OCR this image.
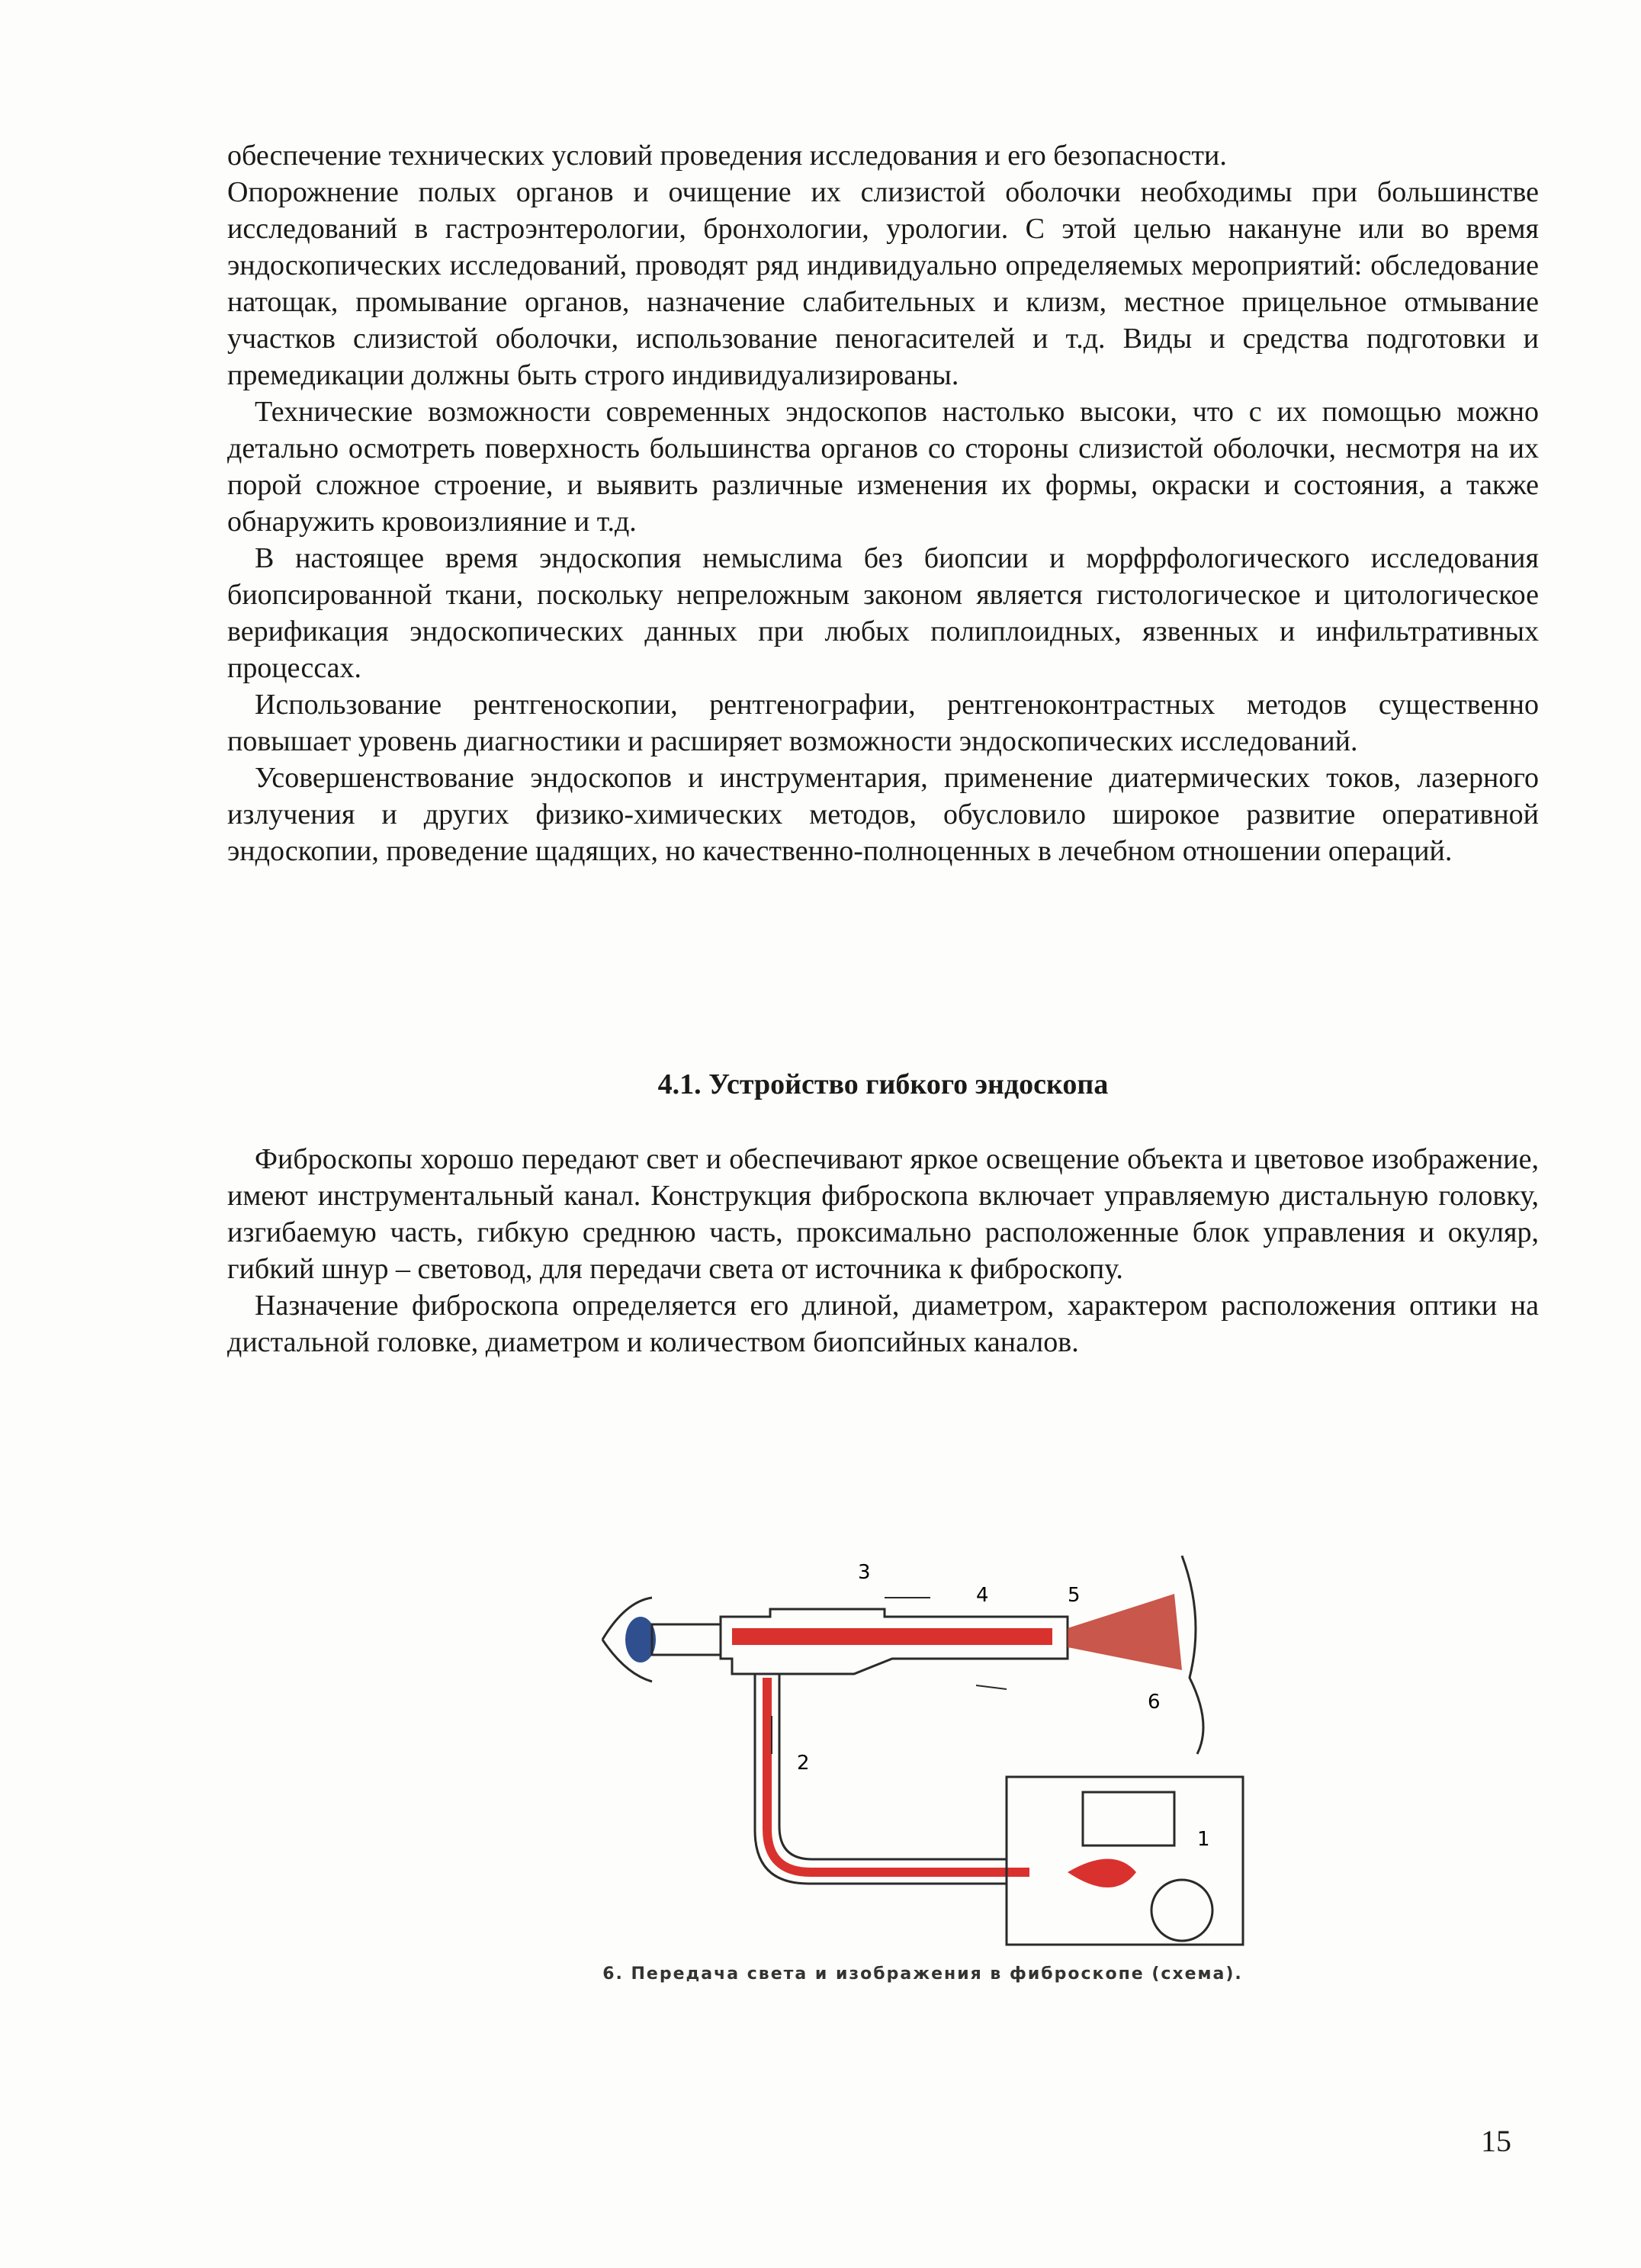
обеспечение технических условий проведения исследования и его безопасности.

Опорожнение полых органов и очищение их слизистой оболочки необходимы при большинстве исследований в гастроэнтерологии, бронхологии, урологии. С этой целью накануне или во время эндоскопических исследований, проводят ряд индивидуально определяемых мероприятий: обследование натощак, промывание органов, назначение слабительных и клизм, местное прицельное отмывание участков слизистой оболочки, использование пеногасителей и т.д. Виды и средства подготовки и премедикации должны быть строго индивидуализированы.

Технические возможности современных эндоскопов настолько высоки, что с их помощью можно детально осмотреть поверхность большинства органов со стороны слизистой оболочки, несмотря на их порой сложное строение, и выявить различные изменения их формы, окраски и состояния, а также обнаружить кровоизлияние и т.д.

В настоящее время эндоскопия немыслима без биопсии и морфрфологического исследования биопсированной ткани, поскольку непреложным законом является гистологическое и цитологическое верификация эндоскопических данных при любых полиплоидных, язвенных и инфильтративных процессах.

Использование рентгеноскопии, рентгенографии, рентгеноконтрастных методов существенно повышает уровень диагностики и расширяет возможности эндоскопических исследований.

Усовершенствование эндоскопов и инструментария, применение диатермических токов, лазерного излучения и других физико-химических методов, обусловило широкое развитие оперативной эндоскопии, проведение щадящих, но качественно-полноценных в лечебном отношении операций.

4.1. Устройство гибкого эндоскопа

Фиброскопы хорошо передают свет и обеспечивают яркое освещение объекта и цветовое изображение, имеют инструментальный канал. Конструкция фиброскопа включает управляемую дистальную головку, изгибаемую часть, гибкую среднюю часть, проксимально расположенные блок управления и окуляр, гибкий шнур – световод, для передачи света от источника к фиброскопу.

Назначение фиброскопа определяется его длиной, диаметром, характером расположения оптики на дистальной головке, диаметром и количеством биопсийных каналов.

3
4	5
6
2
1
6. Передача света и изображения в фиброскопе (схема).
15
